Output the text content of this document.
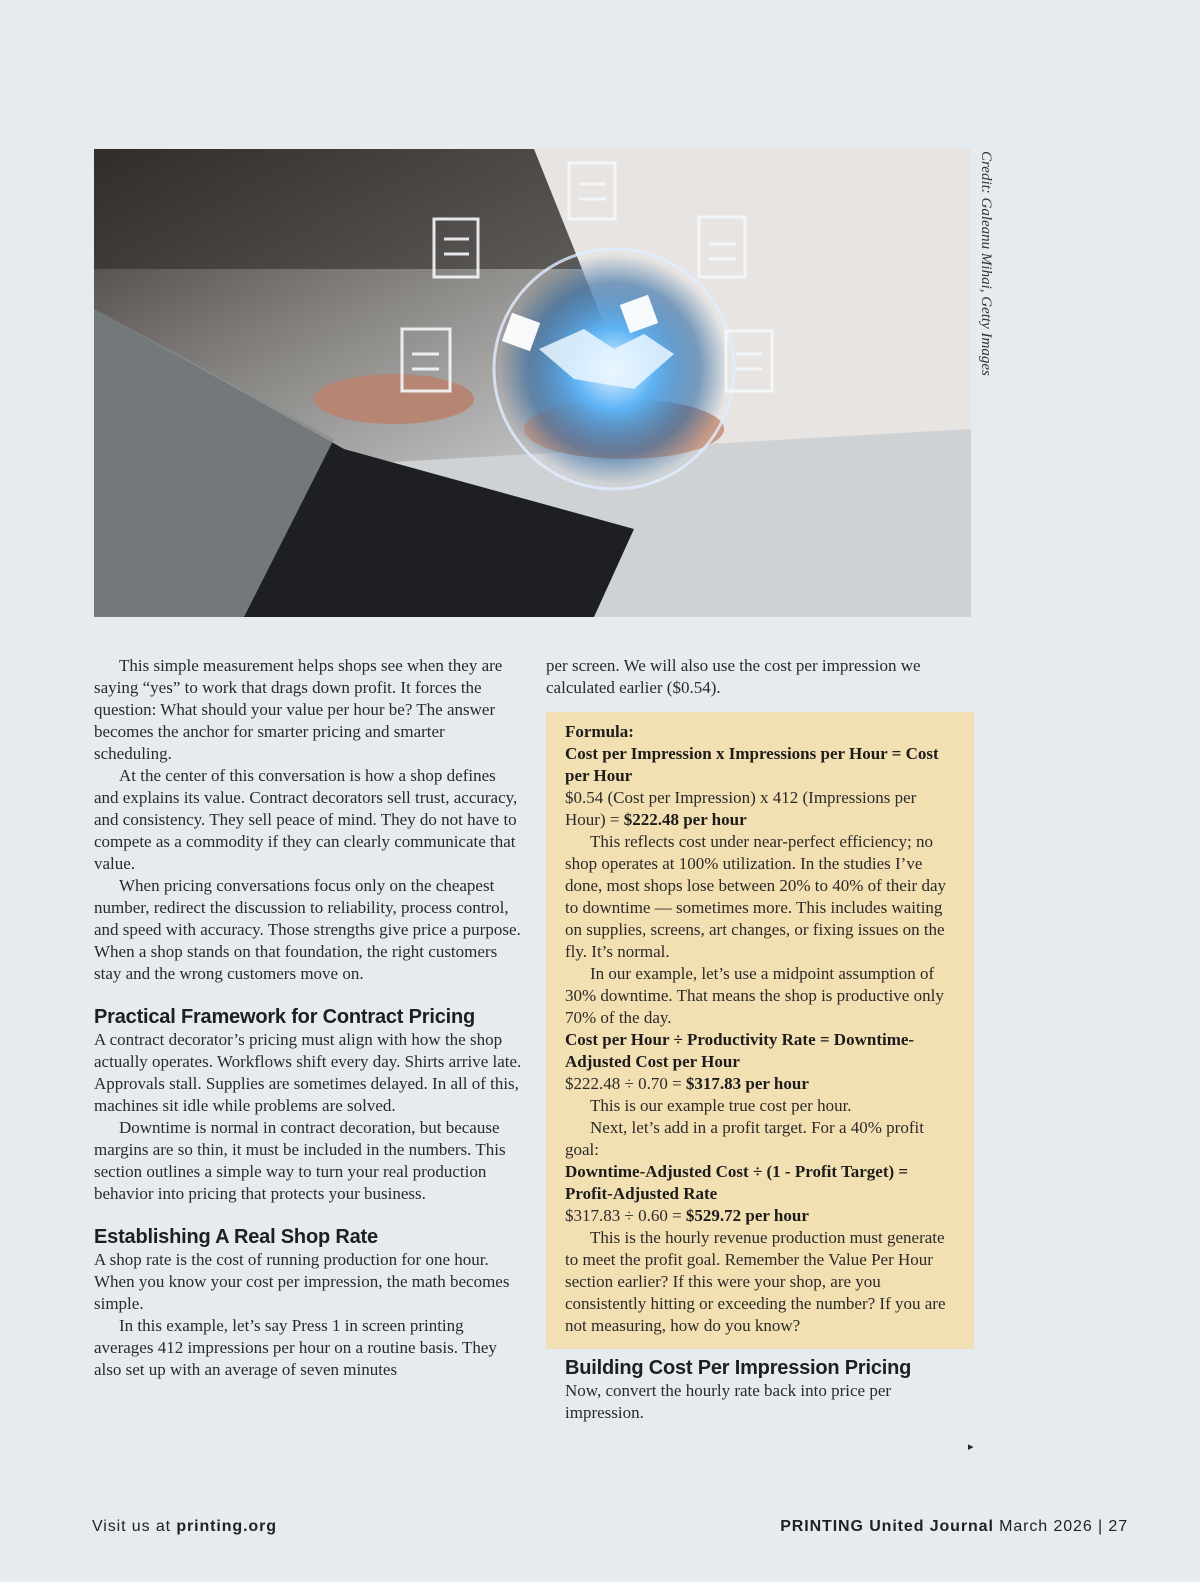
Credit: Galeanu Mihai, Getty Images

This simple measurement helps shops see when they are saying “yes” to work that drags down profit. It forces the question: What should your value per hour be? The answer becomes the anchor for smarter pricing and smarter scheduling.

At the center of this conversation is how a shop defines and explains its value. Contract decorators sell trust, accuracy, and consistency. They sell peace of mind. They do not have to compete as a commodity if they can clearly communicate that value.

When pricing conversations focus only on the cheapest number, redirect the discussion to reliability, process control, and speed with accuracy. Those strengths give price a purpose. When a shop stands on that foundation, the right customers stay and the wrong customers move on.

Practical Framework for Contract Pricing

A contract decorator’s pricing must align with how the shop actually operates. Workflows shift every day. Shirts arrive late. Approvals stall. Supplies are sometimes delayed. In all of this, machines sit idle while problems are solved.

Downtime is normal in contract decoration, but because margins are so thin, it must be included in the numbers. This section outlines a simple way to turn your real production behavior into pricing that protects your business.

Establishing A Real Shop Rate

A shop rate is the cost of running production for one hour. When you know your cost per impression, the math becomes simple.

In this example, let’s say Press 1 in screen printing averages 412 impressions per hour on a routine basis. They also set up with an average of seven minutes

per screen. We will also use the cost per impression we calculated earlier ($0.54).

Formula:

Cost per Impression x Impressions per Hour = Cost per Hour

$0.54 (Cost per Impression) x 412 (Impressions per Hour) = $222.48 per hour

This reflects cost under near-perfect efficiency; no shop operates at 100% utilization. In the studies I’ve done, most shops lose between 20% to 40% of their day to downtime — sometimes more. This includes waiting on supplies, screens, art changes, or fixing issues on the fly. It’s normal.

In our example, let’s use a midpoint assumption of 30% downtime. That means the shop is productive only 70% of the day.

Cost per Hour ÷ Productivity Rate = Downtime-Adjusted Cost per Hour

$222.48 ÷ 0.70 = $317.83 per hour

This is our example true cost per hour.

Next, let’s add in a profit target. For a 40% profit goal:

Downtime-Adjusted Cost ÷ (1 - Profit Target) = Profit-Adjusted Rate

$317.83 ÷ 0.60 = $529.72 per hour

This is the hourly revenue production must generate to meet the profit goal. Remember the Value Per Hour section earlier? If this were your shop, are you consistently hitting or exceeding the number? If you are not measuring, how do you know?

Building Cost Per Impression Pricing

Now, convert the hourly rate back into price per impression.

▸
Visit us at printing.org	PRINTING United Journal March 2026 | 27
